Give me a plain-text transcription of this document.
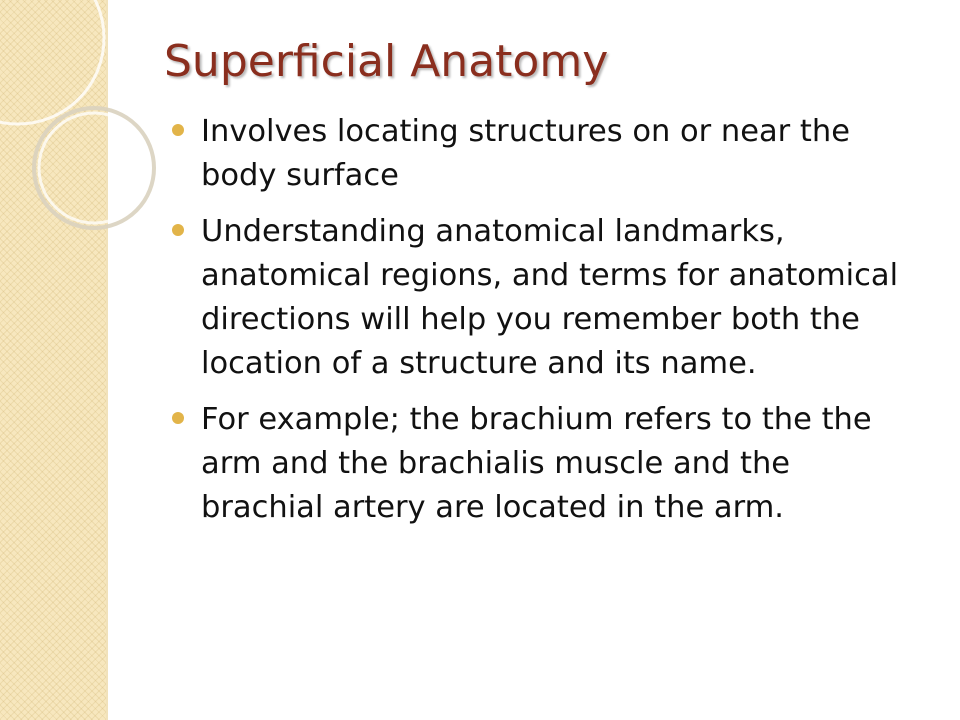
Superficial Anatomy
Involves locating structures on or near the body surface
Understanding anatomical landmarks, anatomical regions, and terms for anatomical directions will help you remember both the location of a structure and its name.
For example; the brachium refers to the the arm and the brachialis muscle and the brachial artery are located in the arm.
